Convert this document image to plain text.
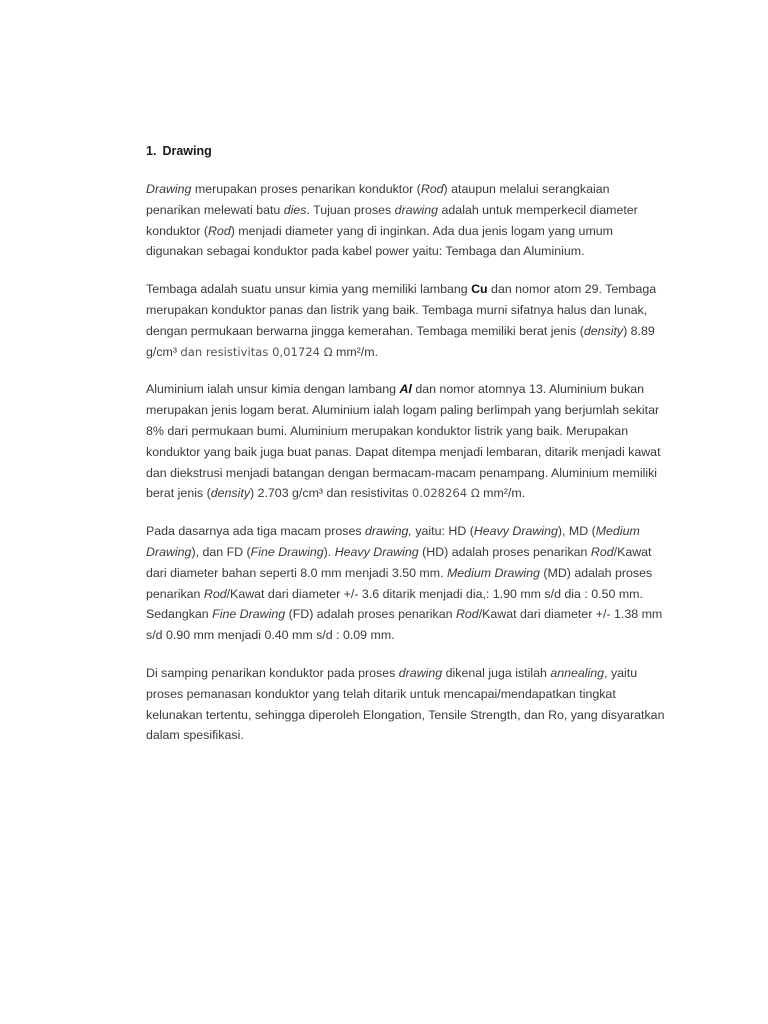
1. Drawing

Drawing merupakan proses penarikan konduktor (Rod) ataupun melalui serangkaian penarikan melewati batu dies. Tujuan proses drawing adalah untuk memperkecil diameter konduktor (Rod) menjadi diameter yang di inginkan. Ada dua jenis logam yang umum digunakan sebagai konduktor pada kabel power yaitu: Tembaga dan Aluminium.

Tembaga adalah suatu unsur kimia yang memiliki lambang Cu dan nomor atom 29. Tembaga merupakan konduktor panas dan listrik yang baik. Tembaga murni sifatnya halus dan lunak, dengan permukaan berwarna jingga kemerahan. Tembaga memiliki berat jenis (density) 8.89 g/cm³ dan resistivitas 0,01724 Ω mm²/m.

Aluminium ialah unsur kimia dengan lambang Al dan nomor atomnya 13. Aluminium bukan merupakan jenis logam berat. Aluminium ialah logam paling berlimpah yang berjumlah sekitar 8% dari permukaan bumi. Aluminium merupakan konduktor listrik yang baik. Merupakan konduktor yang baik juga buat panas. Dapat ditempa menjadi lembaran, ditarik menjadi kawat dan diekstrusi menjadi batangan dengan bermacam-macam penampang. Aluminium memiliki berat jenis (density) 2.703 g/cm³ dan resistivitas 0.028264 Ω mm²/m.

Pada dasarnya ada tiga macam proses drawing, yaitu: HD (Heavy Drawing), MD (Medium Drawing), dan FD (Fine Drawing). Heavy Drawing (HD) adalah proses penarikan Rod/Kawat dari diameter bahan seperti 8.0 mm menjadi 3.50 mm. Medium Drawing (MD) adalah proses penarikan Rod/Kawat dari diameter +/- 3.6 ditarik menjadi dia,: 1.90 mm s/d dia : 0.50 mm. Sedangkan Fine Drawing (FD) adalah proses penarikan Rod/Kawat dari diameter +/- 1.38 mm s/d 0.90 mm menjadi 0.40 mm s/d : 0.09 mm.

Di samping penarikan konduktor pada proses drawing dikenal juga istilah annealing, yaitu proses pemanasan konduktor yang telah ditarik untuk mencapai/mendapatkan tingkat kelunakan tertentu, sehingga diperoleh Elongation, Tensile Strength, dan Ro, yang disyaratkan dalam spesifikasi.
